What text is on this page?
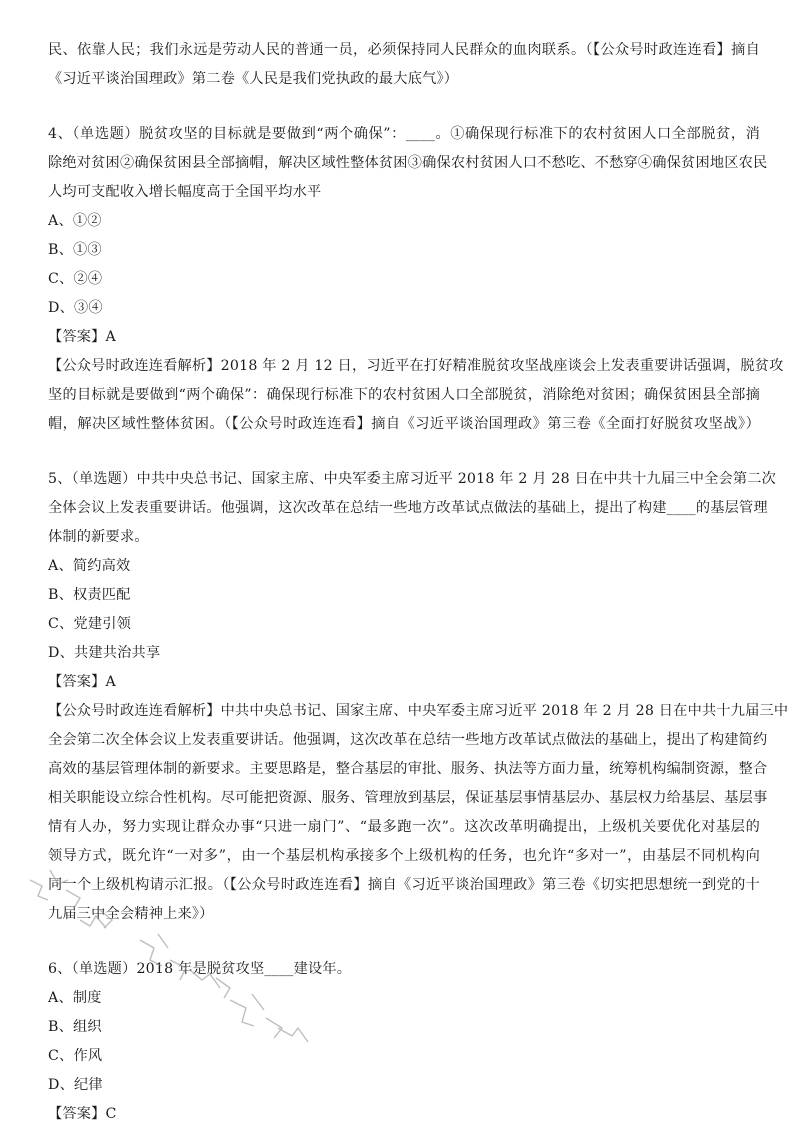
民、依靠人民；我们永远是劳动人民的普通一员，必须保持同人民群众的血肉联系。（【公众号时政连连看】摘自
《习近平谈治国理政》第二卷《人民是我们党执政的最大底气》）
4、（单选题）脱贫攻坚的目标就是要做到“两个确保”：____。①确保现行标准下的农村贫困人口全部脱贫，消
除绝对贫困②确保贫困县全部摘帽，解决区域性整体贫困③确保农村贫困人口不愁吃、不愁穿④确保贫困地区农民
人均可支配收入增长幅度高于全国平均水平
A、①②
B、①③
C、②④
D、③④
【答案】A
【公众号时政连连看解析】2018 年 2 月 12 日，习近平在打好精准脱贫攻坚战座谈会上发表重要讲话强调，脱贫攻
坚的目标就是要做到“两个确保”：确保现行标准下的农村贫困人口全部脱贫，消除绝对贫困；确保贫困县全部摘
帽，解决区域性整体贫困。（【公众号时政连连看】摘自《习近平谈治国理政》第三卷《全面打好脱贫攻坚战》）
5、（单选题）中共中央总书记、国家主席、中央军委主席习近平 2018 年 2 月 28 日在中共十九届三中全会第二次
全体会议上发表重要讲话。他强调，这次改革在总结一些地方改革试点做法的基础上，提出了构建____的基层管理
体制的新要求。
A、简约高效
B、权责匹配
C、党建引领
D、共建共治共享
【答案】A
【公众号时政连连看解析】中共中央总书记、国家主席、中央军委主席习近平 2018 年 2 月 28 日在中共十九届三中
全会第二次全体会议上发表重要讲话。他强调，这次改革在总结一些地方改革试点做法的基础上，提出了构建简约
高效的基层管理体制的新要求。主要思路是，整合基层的审批、服务、执法等方面力量，统筹机构编制资源，整合
相关职能设立综合性机构。尽可能把资源、服务、管理放到基层，保证基层事情基层办、基层权力给基层、基层事
情有人办，努力实现让群众办事“只进一扇门”、“最多跑一次”。这次改革明确提出，上级机关要优化对基层的
领导方式，既允许“一对多”，由一个基层机构承接多个上级机构的任务，也允许“多对一”，由基层不同机构向
同一个上级机构请示汇报。（【公众号时政连连看】摘自《习近平谈治国理政》第三卷《切实把思想统一到党的十
九届三中全会精神上来》）
6、（单选题）2018 年是脱贫攻坚____建设年。
A、制度
B、组织
C、作风
D、纪律
【答案】C
